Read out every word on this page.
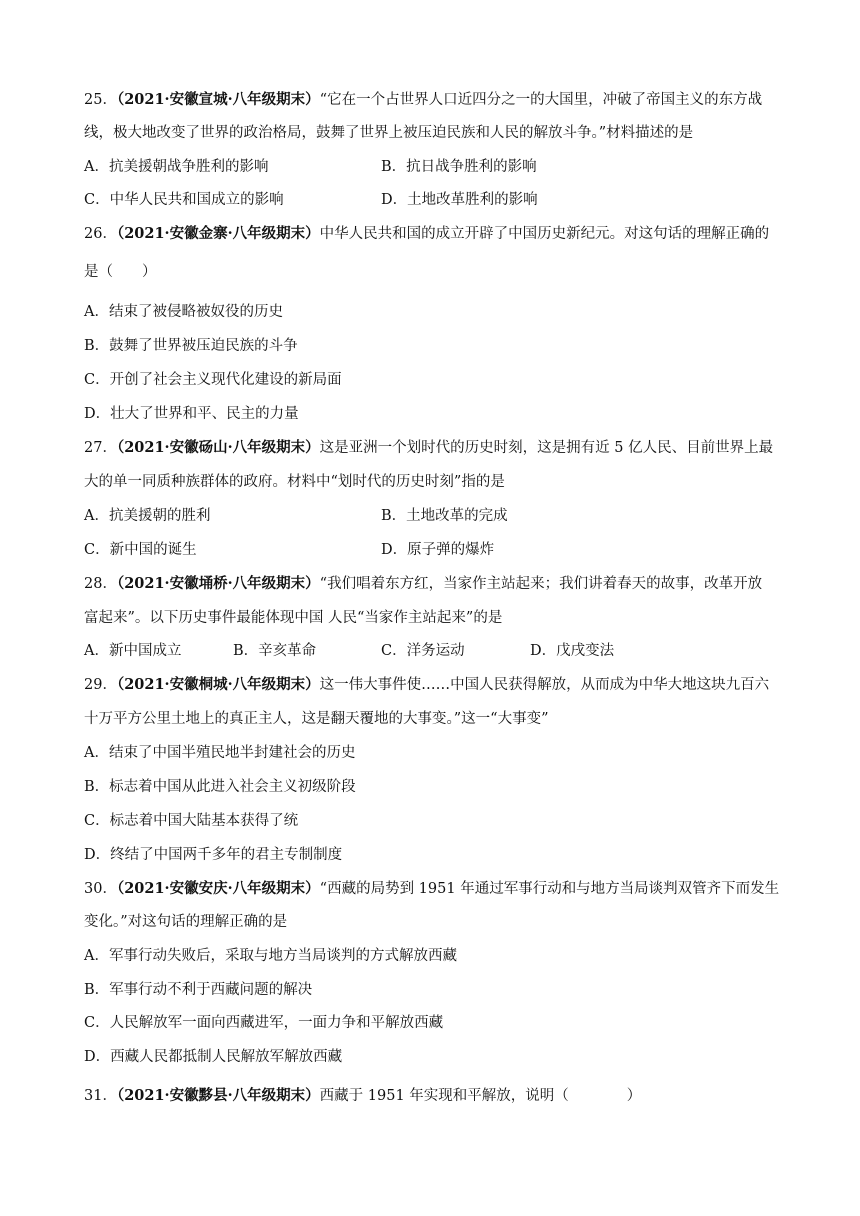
25．（2021·安徽宣城·八年级期末）“它在一个占世界人口近四分之一的大国里，冲破了帝国主义的东方战
线，极大地改变了世界的政治格局，鼓舞了世界上被压迫民族和人民的解放斗争。”材料描述的是
A．抗美援朝战争胜利的影响	B．抗日战争胜利的影响
C．中华人民共和国成立的影响	D．土地改革胜利的影响
26．（2021·安徽金寨·八年级期末）中华人民共和国的成立开辟了中国历史新纪元。对这句话的理解正确的
是（　　）
A．结束了被侵略被奴役的历史
B．鼓舞了世界被压迫民族的斗争
C．开创了社会主义现代化建设的新局面
D．壮大了世界和平、民主的力量
27．（2021·安徽砀山·八年级期末）这是亚洲一个划时代的历史时刻，这是拥有近 5 亿人民、目前世界上最
大的单一同质种族群体的政府。材料中“划时代的历史时刻”指的是
A．抗美援朝的胜利	B．土地改革的完成
C．新中国的诞生	D．原子弹的爆炸
28．（2021·安徽埇桥·八年级期末）“我们唱着东方红，当家作主站起来；我们讲着春天的故事，改革开放
富起来”。以下历史事件最能体现中国 人民“当家作主站起来”的是
A．新中国成立	B．辛亥革命	C．洋务运动	D．戊戌变法
29．（2021·安徽桐城·八年级期末）这一伟大事件使……中国人民获得解放，从而成为中华大地这块九百六
十万平方公里土地上的真正主人，这是翻天覆地的大事变。”这一“大事变”
A．结束了中国半殖民地半封建社会的历史
B．标志着中国从此进入社会主义初级阶段
C．标志着中国大陆基本获得了统
D．终结了中国两千多年的君主专制制度
30．（2021·安徽安庆·八年级期末）“西藏的局势到 1951 年通过军事行动和与地方当局谈判双管齐下而发生
变化。”对这句话的理解正确的是
A．军事行动失败后，采取与地方当局谈判的方式解放西藏
B．军事行动不利于西藏问题的解决
C．人民解放军一面向西藏进军，一面力争和平解放西藏
D．西藏人民都抵制人民解放军解放西藏
31．（2021·安徽黟县·八年级期末）西藏于 1951 年实现和平解放，说明（　　　　）
